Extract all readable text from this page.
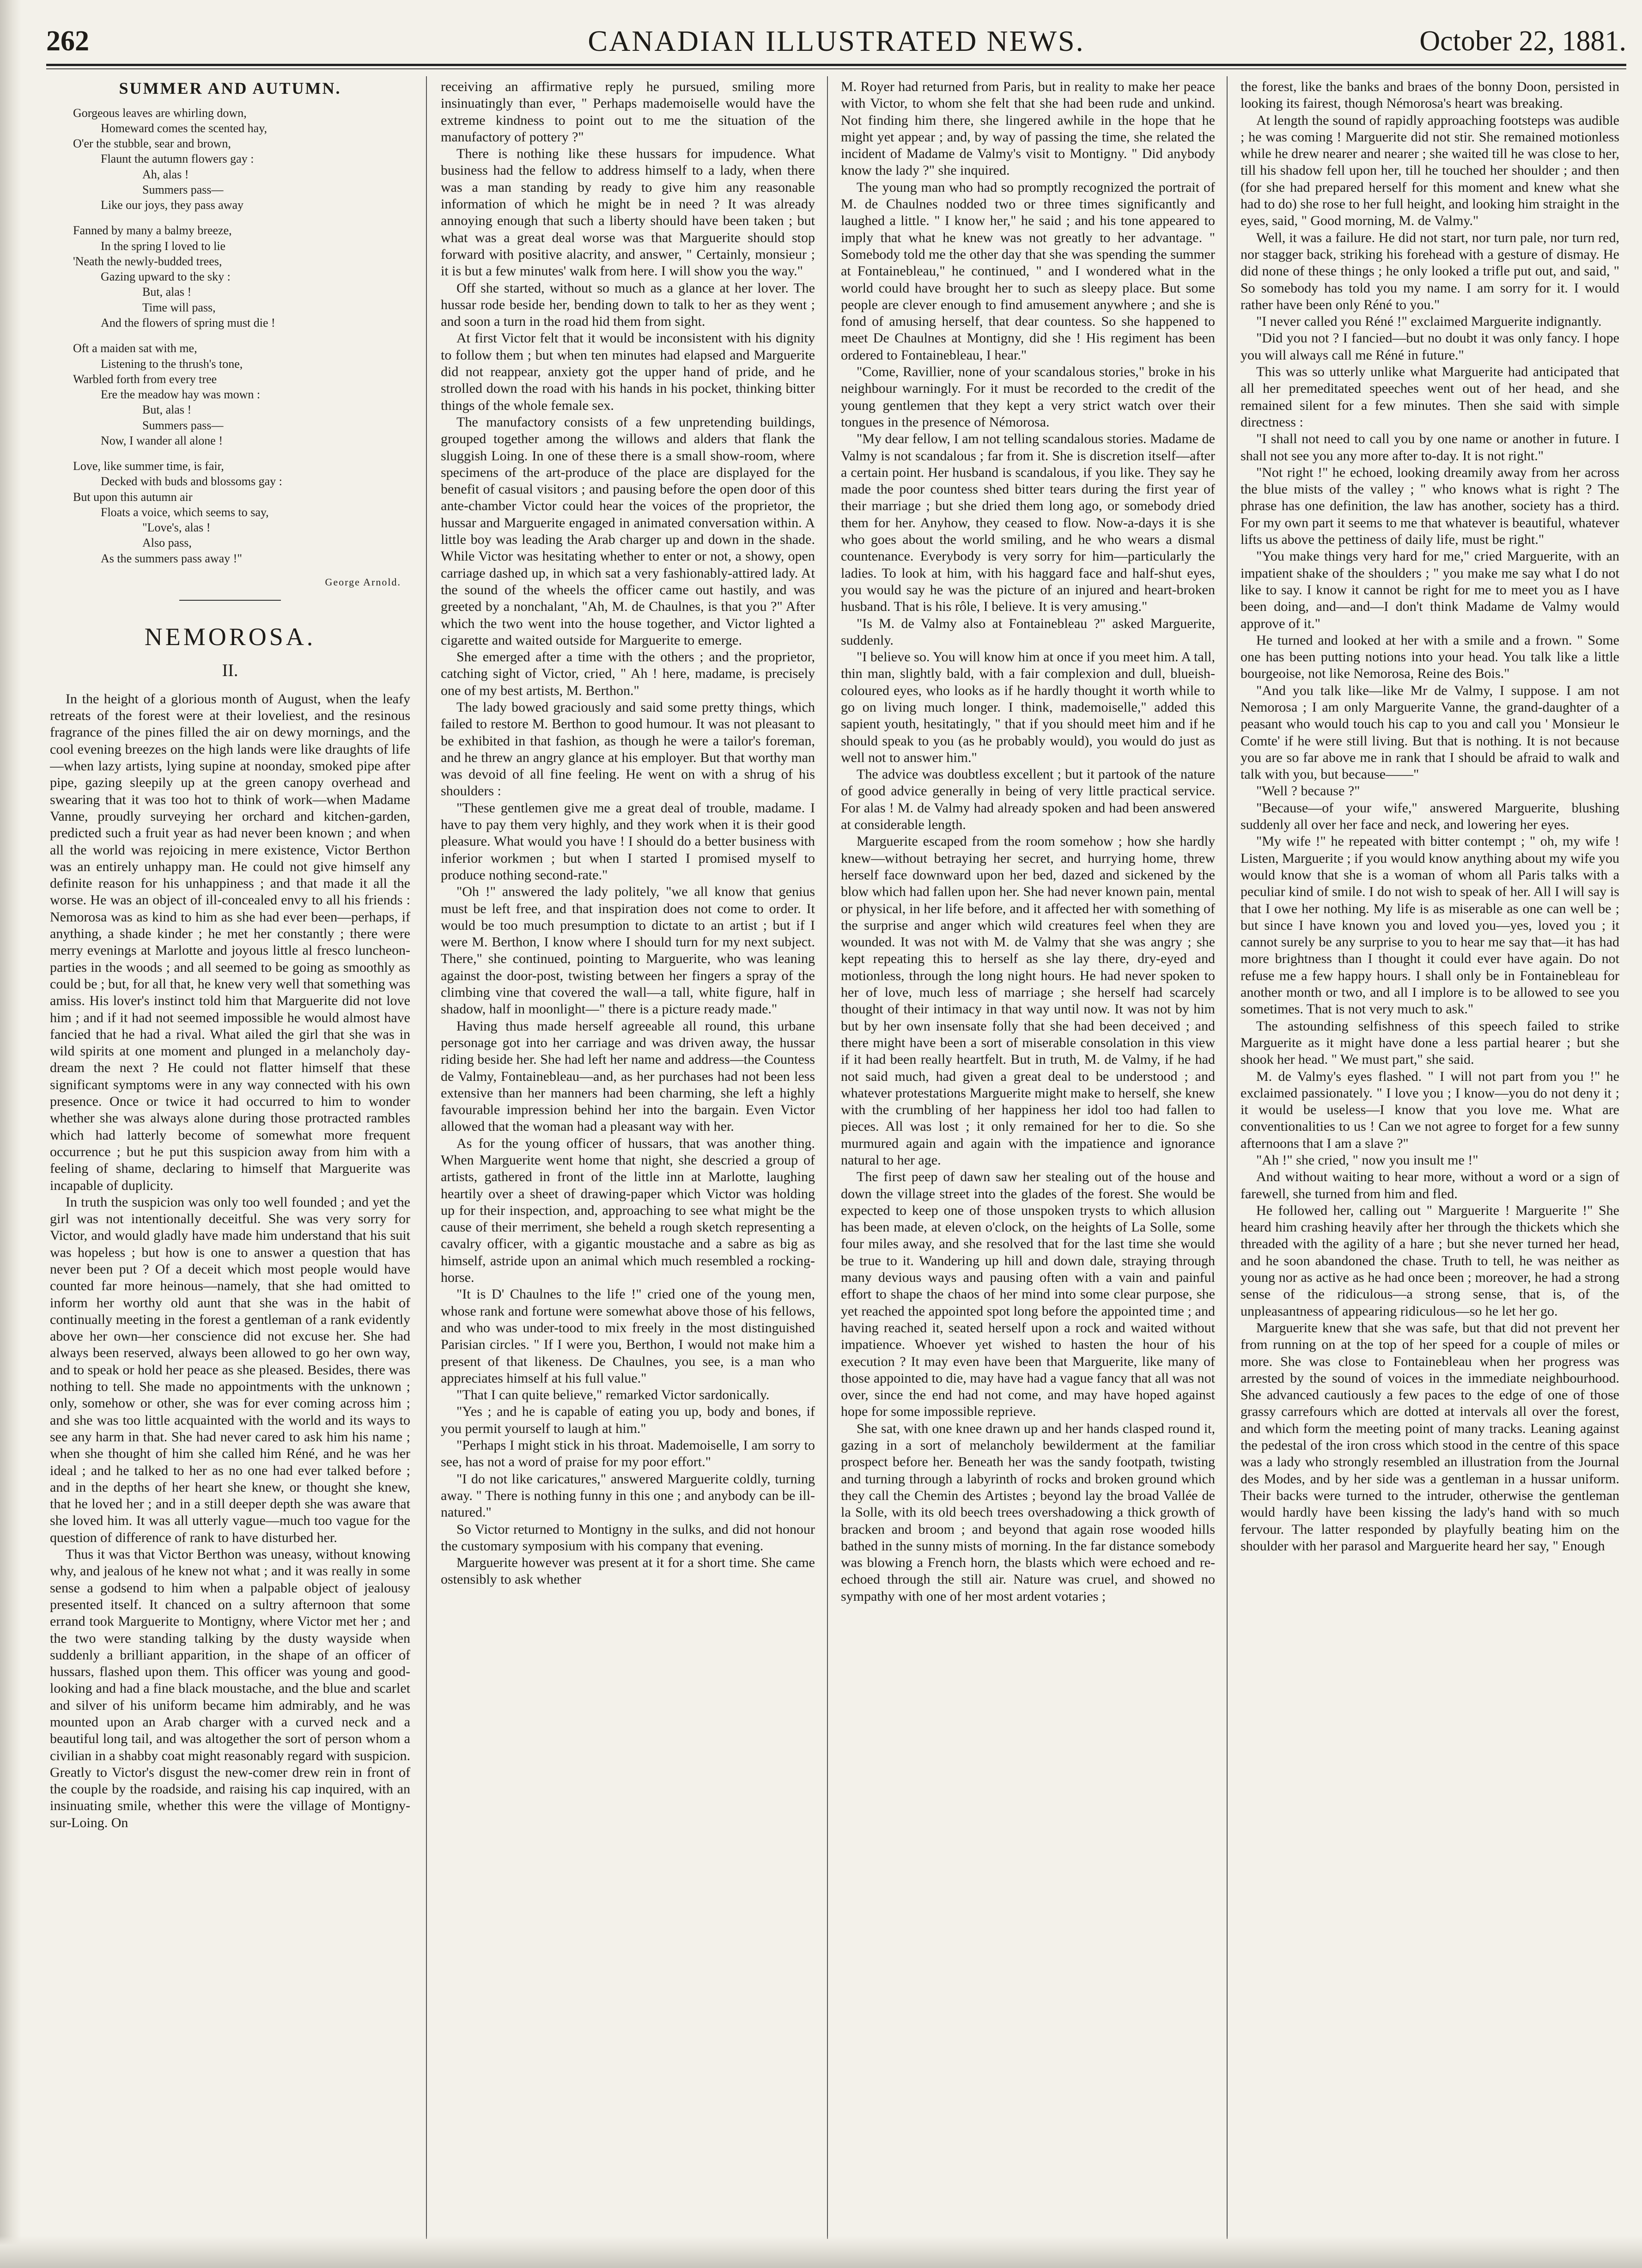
262	CANADIAN ILLUSTRATED NEWS.	October 22, 1881.
SUMMER AND AUTUMN.
Gorgeous leaves are whirling down,
Homeward comes the scented hay,
O'er the stubble, sear and brown,
Flaunt the autumn flowers gay :
Ah, alas !
Summers pass—
Like our joys, they pass away
Fanned by many a balmy breeze,
In the spring I loved to lie
'Neath the newly-budded trees,
Gazing upward to the sky :
But, alas !
Time will pass,
And the flowers of spring must die !
Oft a maiden sat with me,
Listening to the thrush's tone,
Warbled forth from every tree
Ere the meadow hay was mown :
But, alas !
Summers pass—
Now, I wander all alone !
Love, like summer time, is fair,
Decked with buds and blossoms gay :
But upon this autumn air
Floats a voice, which seems to say,
"Love's, alas !
Also pass,
As the summers pass away !"
George Arnold.
NEMOROSA.
II.

In the height of a glorious month of August, when the leafy retreats of the forest were at their loveliest, and the resinous fragrance of the pines filled the air on dewy mornings, and the cool evening breezes on the high lands were like draughts of life—when lazy artists, lying supine at noonday, smoked pipe after pipe, gazing sleepily up at the green canopy overhead and swearing that it was too hot to think of work—when Madame Vanne, proudly surveying her orchard and kitchen-garden, predicted such a fruit year as had never been known ; and when all the world was rejoicing in mere existence, Victor Berthon was an entirely unhappy man. He could not give himself any definite reason for his unhappiness ; and that made it all the worse. He was an object of ill-concealed envy to all his friends : Nemorosa was as kind to him as she had ever been—perhaps, if anything, a shade kinder ; he met her constantly ; there were merry evenings at Marlotte and joyous little al fresco luncheon-parties in the woods ; and all seemed to be going as smoothly as could be ; but, for all that, he knew very well that something was amiss. His lover's instinct told him that Marguerite did not love him ; and if it had not seemed impossible he would almost have fancied that he had a rival. What ailed the girl that she was in wild spirits at one moment and plunged in a melancholy day-dream the next ? He could not flatter himself that these significant symptoms were in any way connected with his own presence. Once or twice it had occurred to him to wonder whether she was always alone during those protracted rambles which had latterly become of somewhat more frequent occurrence ; but he put this suspicion away from him with a feeling of shame, declaring to himself that Marguerite was incapable of duplicity.

In truth the suspicion was only too well founded ; and yet the girl was not intentionally deceitful. She was very sorry for Victor, and would gladly have made him understand that his suit was hopeless ; but how is one to answer a question that has never been put ? Of a deceit which most people would have counted far more heinous—namely, that she had omitted to inform her worthy old aunt that she was in the habit of continually meeting in the forest a gentleman of a rank evidently above her own—her conscience did not excuse her. She had always been reserved, always been allowed to go her own way, and to speak or hold her peace as she pleased. Besides, there was nothing to tell. She made no appointments with the unknown ; only, somehow or other, she was for ever coming across him ; and she was too little acquainted with the world and its ways to see any harm in that. She had never cared to ask him his name ; when she thought of him she called him Réné, and he was her ideal ; and he talked to her as no one had ever talked before ; and in the depths of her heart she knew, or thought she knew, that he loved her ; and in a still deeper depth she was aware that she loved him. It was all utterly vague—much too vague for the question of difference of rank to have disturbed her.

Thus it was that Victor Berthon was uneasy, without knowing why, and jealous of he knew not what ; and it was really in some sense a godsend to him when a palpable object of jealousy presented itself. It chanced on a sultry afternoon that some errand took Marguerite to Montigny, where Victor met her ; and the two were standing talking by the dusty wayside when suddenly a brilliant apparition, in the shape of an officer of hussars, flashed upon them. This officer was young and good-looking and had a fine black moustache, and the blue and scarlet and silver of his uniform became him admirably, and he was mounted upon an Arab charger with a curved neck and a beautiful long tail, and was altogether the sort of person whom a civilian in a shabby coat might reasonably regard with suspicion. Greatly to Victor's disgust the new-comer drew rein in front of the couple by the roadside, and raising his cap inquired, with an insinuating smile, whether this were the village of Montigny-sur-Loing. On

receiving an affirmative reply he pursued, smiling more insinuatingly than ever, " Perhaps mademoiselle would have the extreme kindness to point out to me the situation of the manufactory of pottery ?"

There is nothing like these hussars for impudence. What business had the fellow to address himself to a lady, when there was a man standing by ready to give him any reasonable information of which he might be in need ? It was already annoying enough that such a liberty should have been taken ; but what was a great deal worse was that Marguerite should stop forward with positive alacrity, and answer, " Certainly, monsieur ; it is but a few minutes' walk from here. I will show you the way."

Off she started, without so much as a glance at her lover. The hussar rode beside her, bending down to talk to her as they went ; and soon a turn in the road hid them from sight.

At first Victor felt that it would be inconsistent with his dignity to follow them ; but when ten minutes had elapsed and Marguerite did not reappear, anxiety got the upper hand of pride, and he strolled down the road with his hands in his pocket, thinking bitter things of the whole female sex.

The manufactory consists of a few unpretending buildings, grouped together among the willows and alders that flank the sluggish Loing. In one of these there is a small show-room, where specimens of the art-produce of the place are displayed for the benefit of casual visitors ; and pausing before the open door of this ante-chamber Victor could hear the voices of the proprietor, the hussar and Marguerite engaged in animated conversation within. A little boy was leading the Arab charger up and down in the shade. While Victor was hesitating whether to enter or not, a showy, open carriage dashed up, in which sat a very fashionably-attired lady. At the sound of the wheels the officer came out hastily, and was greeted by a nonchalant, "Ah, M. de Chaulnes, is that you ?" After which the two went into the house together, and Victor lighted a cigarette and waited outside for Marguerite to emerge.

She emerged after a time with the others ; and the proprietor, catching sight of Victor, cried, " Ah ! here, madame, is precisely one of my best artists, M. Berthon."

The lady bowed graciously and said some pretty things, which failed to restore M. Berthon to good humour. It was not pleasant to be exhibited in that fashion, as though he were a tailor's foreman, and he threw an angry glance at his employer. But that worthy man was devoid of all fine feeling. He went on with a shrug of his shoulders :

"These gentlemen give me a great deal of trouble, madame. I have to pay them very highly, and they work when it is their good pleasure. What would you have ! I should do a better business with inferior workmen ; but when I started I promised myself to produce nothing second-rate."

"Oh !" answered the lady politely, "we all know that genius must be left free, and that inspiration does not come to order. It would be too much presumption to dictate to an artist ; but if I were M. Berthon, I know where I should turn for my next subject. There," she continued, pointing to Marguerite, who was leaning against the door-post, twisting between her fingers a spray of the climbing vine that covered the wall—a tall, white figure, half in shadow, half in moonlight—" there is a picture ready made."

Having thus made herself agreeable all round, this urbane personage got into her carriage and was driven away, the hussar riding beside her. She had left her name and address—the Countess de Valmy, Fontainebleau—and, as her purchases had not been less extensive than her manners had been charming, she left a highly favourable impression behind her into the bargain. Even Victor allowed that the woman had a pleasant way with her.

As for the young officer of hussars, that was another thing. When Marguerite went home that night, she descried a group of artists, gathered in front of the little inn at Marlotte, laughing heartily over a sheet of drawing-paper which Victor was holding up for their inspection, and, approaching to see what might be the cause of their merriment, she beheld a rough sketch representing a cavalry officer, with a gigantic moustache and a sabre as big as himself, astride upon an animal which much resembled a rocking-horse.

"It is D' Chaulnes to the life !" cried one of the young men, whose rank and fortune were somewhat above those of his fellows, and who was under-tood to mix freely in the most distinguished Parisian circles. " If I were you, Berthon, I would not make him a present of that likeness. De Chaulnes, you see, is a man who appreciates himself at his full value."

"That I can quite believe," remarked Victor sardonically.

"Yes ; and he is capable of eating you up, body and bones, if you permit yourself to laugh at him."

"Perhaps I might stick in his throat. Mademoiselle, I am sorry to see, has not a word of praise for my poor effort."

"I do not like caricatures," answered Marguerite coldly, turning away. " There is nothing funny in this one ; and anybody can be ill-natured."

So Victor returned to Montigny in the sulks, and did not honour the customary symposium with his company that evening.

Marguerite however was present at it for a short time. She came ostensibly to ask whether

M. Royer had returned from Paris, but in reality to make her peace with Victor, to whom she felt that she had been rude and unkind. Not finding him there, she lingered awhile in the hope that he might yet appear ; and, by way of passing the time, she related the incident of Madame de Valmy's visit to Montigny. " Did anybody know the lady ?" she inquired.

The young man who had so promptly recognized the portrait of M. de Chaulnes nodded two or three times significantly and laughed a little. " I know her," he said ; and his tone appeared to imply that what he knew was not greatly to her advantage. " Somebody told me the other day that she was spending the summer at Fontainebleau," he continued, " and I wondered what in the world could have brought her to such as sleepy place. But some people are clever enough to find amusement anywhere ; and she is fond of amusing herself, that dear countess. So she happened to meet De Chaulnes at Montigny, did she ! His regiment has been ordered to Fontainebleau, I hear."

"Come, Ravillier, none of your scandalous stories," broke in his neighbour warningly. For it must be recorded to the credit of the young gentlemen that they kept a very strict watch over their tongues in the presence of Némorosa.

"My dear fellow, I am not telling scandalous stories. Madame de Valmy is not scandalous ; far from it. She is discretion itself—after a certain point. Her husband is scandalous, if you like. They say he made the poor countess shed bitter tears during the first year of their marriage ; but she dried them long ago, or somebody dried them for her. Anyhow, they ceased to flow. Now-a-days it is she who goes about the world smiling, and he who wears a dismal countenance. Everybody is very sorry for him—particularly the ladies. To look at him, with his haggard face and half-shut eyes, you would say he was the picture of an injured and heart-broken husband. That is his rôle, I believe. It is very amusing."

"Is M. de Valmy also at Fontainebleau ?" asked Marguerite, suddenly.

"I believe so. You will know him at once if you meet him. A tall, thin man, slightly bald, with a fair complexion and dull, blueish-coloured eyes, who looks as if he hardly thought it worth while to go on living much longer. I think, mademoiselle," added this sapient youth, hesitatingly, " that if you should meet him and if he should speak to you (as he probably would), you would do just as well not to answer him."

The advice was doubtless excellent ; but it partook of the nature of good advice generally in being of very little practical service. For alas ! M. de Valmy had already spoken and had been answered at considerable length.

Marguerite escaped from the room somehow ; how she hardly knew—without betraying her secret, and hurrying home, threw herself face downward upon her bed, dazed and sickened by the blow which had fallen upon her. She had never known pain, mental or physical, in her life before, and it affected her with something of the surprise and anger which wild creatures feel when they are wounded. It was not with M. de Valmy that she was angry ; she kept repeating this to herself as she lay there, dry-eyed and motionless, through the long night hours. He had never spoken to her of love, much less of marriage ; she herself had scarcely thought of their intimacy in that way until now. It was not by him but by her own insensate folly that she had been deceived ; and there might have been a sort of miserable consolation in this view if it had been really heartfelt. But in truth, M. de Valmy, if he had not said much, had given a great deal to be understood ; and whatever protestations Marguerite might make to herself, she knew with the crumbling of her happiness her idol too had fallen to pieces. All was lost ; it only remained for her to die. So she murmured again and again with the impatience and ignorance natural to her age.

The first peep of dawn saw her stealing out of the house and down the village street into the glades of the forest. She would be expected to keep one of those unspoken trysts to which allusion has been made, at eleven o'clock, on the heights of La Solle, some four miles away, and she resolved that for the last time she would be true to it. Wandering up hill and down dale, straying through many devious ways and pausing often with a vain and painful effort to shape the chaos of her mind into some clear purpose, she yet reached the appointed spot long before the appointed time ; and having reached it, seated herself upon a rock and waited without impatience. Whoever yet wished to hasten the hour of his execution ? It may even have been that Marguerite, like many of those appointed to die, may have had a vague fancy that all was not over, since the end had not come, and may have hoped against hope for some impossible reprieve.

She sat, with one knee drawn up and her hands clasped round it, gazing in a sort of melancholy bewilderment at the familiar prospect before her. Beneath her was the sandy footpath, twisting and turning through a labyrinth of rocks and broken ground which they call the Chemin des Artistes ; beyond lay the broad Vallée de la Solle, with its old beech trees overshadowing a thick growth of bracken and broom ; and beyond that again rose wooded hills bathed in the sunny mists of morning. In the far distance somebody was blowing a French horn, the blasts which were echoed and re-echoed through the still air. Nature was cruel, and showed no sympathy with one of her most ardent votaries ;

the forest, like the banks and braes of the bonny Doon, persisted in looking its fairest, though Némorosa's heart was breaking.

At length the sound of rapidly approaching footsteps was audible ; he was coming ! Marguerite did not stir. She remained motionless while he drew nearer and nearer ; she waited till he was close to her, till his shadow fell upon her, till he touched her shoulder ; and then (for she had prepared herself for this moment and knew what she had to do) she rose to her full height, and looking him straight in the eyes, said, " Good morning, M. de Valmy."

Well, it was a failure. He did not start, nor turn pale, nor turn red, nor stagger back, striking his forehead with a gesture of dismay. He did none of these things ; he only looked a trifle put out, and said, " So somebody has told you my name. I am sorry for it. I would rather have been only Réné to you."

"I never called you Réné !" exclaimed Marguerite indignantly.

"Did you not ? I fancied—but no doubt it was only fancy. I hope you will always call me Réné in future."

This was so utterly unlike what Marguerite had anticipated that all her premeditated speeches went out of her head, and she remained silent for a few minutes. Then she said with simple directness :

"I shall not need to call you by one name or another in future. I shall not see you any more after to-day. It is not right."

"Not right !" he echoed, looking dreamily away from her across the blue mists of the valley ; " who knows what is right ? The phrase has one definition, the law has another, society has a third. For my own part it seems to me that whatever is beautiful, whatever lifts us above the pettiness of daily life, must be right."

"You make things very hard for me," cried Marguerite, with an impatient shake of the shoulders ; " you make me say what I do not like to say. I know it cannot be right for me to meet you as I have been doing, and—and—I don't think Madame de Valmy would approve of it."

He turned and looked at her with a smile and a frown. " Some one has been putting notions into your head. You talk like a little bourgeoise, not like Nemorosa, Reine des Bois."

"And you talk like—like Mr de Valmy, I suppose. I am not Nemorosa ; I am only Marguerite Vanne, the grand-daughter of a peasant who would touch his cap to you and call you ' Monsieur le Comte' if he were still living. But that is nothing. It is not because you are so far above me in rank that I should be afraid to walk and talk with you, but because——"

"Well ? because ?"

"Because—of your wife," answered Marguerite, blushing suddenly all over her face and neck, and lowering her eyes.

"My wife !" he repeated with bitter contempt ; " oh, my wife ! Listen, Marguerite ; if you would know anything about my wife you would know that she is a woman of whom all Paris talks with a peculiar kind of smile. I do not wish to speak of her. All I will say is that I owe her nothing. My life is as miserable as one can well be ; but since I have known you and loved you—yes, loved you ; it cannot surely be any surprise to you to hear me say that—it has had more brightness than I thought it could ever have again. Do not refuse me a few happy hours. I shall only be in Fontainebleau for another month or two, and all I implore is to be allowed to see you sometimes. That is not very much to ask."

The astounding selfishness of this speech failed to strike Marguerite as it might have done a less partial hearer ; but she shook her head. " We must part," she said.

M. de Valmy's eyes flashed. " I will not part from you !" he exclaimed passionately. " I love you ; I know—you do not deny it ; it would be useless—I know that you love me. What are conventionalities to us ! Can we not agree to forget for a few sunny afternoons that I am a slave ?"

"Ah !" she cried, " now you insult me !"

And without waiting to hear more, without a word or a sign of farewell, she turned from him and fled.

He followed her, calling out " Marguerite ! Marguerite !" She heard him crashing heavily after her through the thickets which she threaded with the agility of a hare ; but she never turned her head, and he soon abandoned the chase. Truth to tell, he was neither as young nor as active as he had once been ; moreover, he had a strong sense of the ridiculous—a strong sense, that is, of the unpleasantness of appearing ridiculous—so he let her go.

Marguerite knew that she was safe, but that did not prevent her from running on at the top of her speed for a couple of miles or more. She was close to Fontainebleau when her progress was arrested by the sound of voices in the immediate neighbourhood. She advanced cautiously a few paces to the edge of one of those grassy carrefours which are dotted at intervals all over the forest, and which form the meeting point of many tracks. Leaning against the pedestal of the iron cross which stood in the centre of this space was a lady who strongly resembled an illustration from the Journal des Modes, and by her side was a gentleman in a hussar uniform. Their backs were turned to the intruder, otherwise the gentleman would hardly have been kissing the lady's hand with so much fervour. The latter responded by playfully beating him on the shoulder with her parasol and Marguerite heard her say, " Enough
